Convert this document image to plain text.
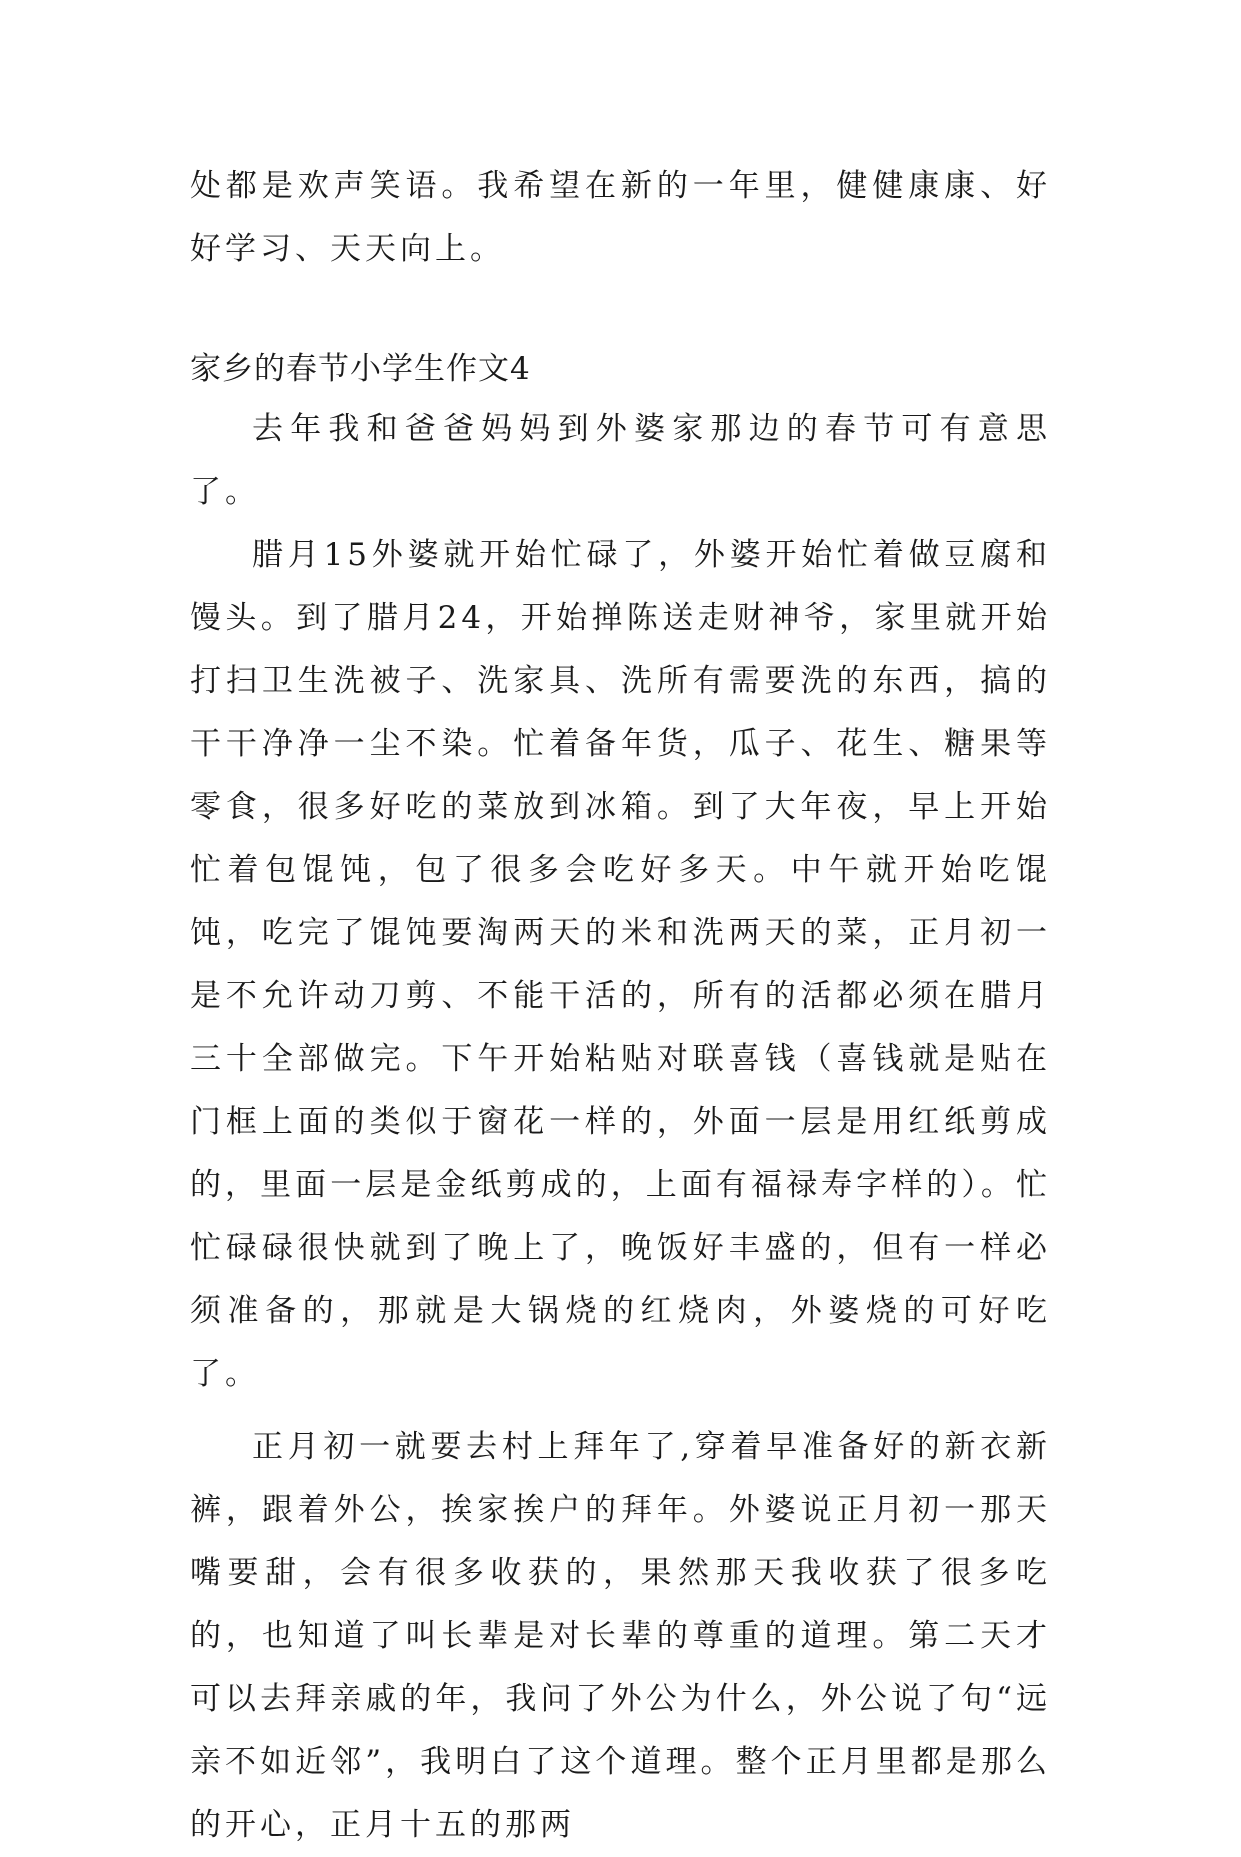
处都是欢声笑语。我希望在新的一年里，健健康康、好好学习、天天向上。
家乡的春节小学生作文4

去年我和爸爸妈妈到外婆家那边的春节可有意思了。

腊月15外婆就开始忙碌了，外婆开始忙着做豆腐和馒头。到了腊月24，开始掸陈送走财神爷，家里就开始打扫卫生洗被子、洗家具、洗所有需要洗的东西，搞的干干净净一尘不染。忙着备年货，瓜子、花生、糖果等零食，很多好吃的菜放到冰箱。到了大年夜，早上开始忙着包馄饨，包了很多会吃好多天。中午就开始吃馄饨，吃完了馄饨要淘两天的米和洗两天的菜，正月初一是不允许动刀剪、不能干活的，所有的活都必须在腊月三十全部做完。下午开始粘贴对联喜钱（喜钱就是贴在门框上面的类似于窗花一样的，外面一层是用红纸剪成的，里面一层是金纸剪成的，上面有福禄寿字样的）。忙忙碌碌很快就到了晚上了，晚饭好丰盛的，但有一样必须准备的，那就是大锅烧的红烧肉，外婆烧的可好吃了。

正月初一就要去村上拜年了,穿着早准备好的新衣新裤，跟着外公，挨家挨户的拜年。外婆说正月初一那天嘴要甜，会有很多收获的，果然那天我收获了很多吃的，也知道了叫长辈是对长辈的尊重的道理。第二天才可以去拜亲戚的年，我问了外公为什么，外公说了句“远亲不如近邻”，我明白了这个道理。整个正月里都是那么的开心，正月十五的那两
